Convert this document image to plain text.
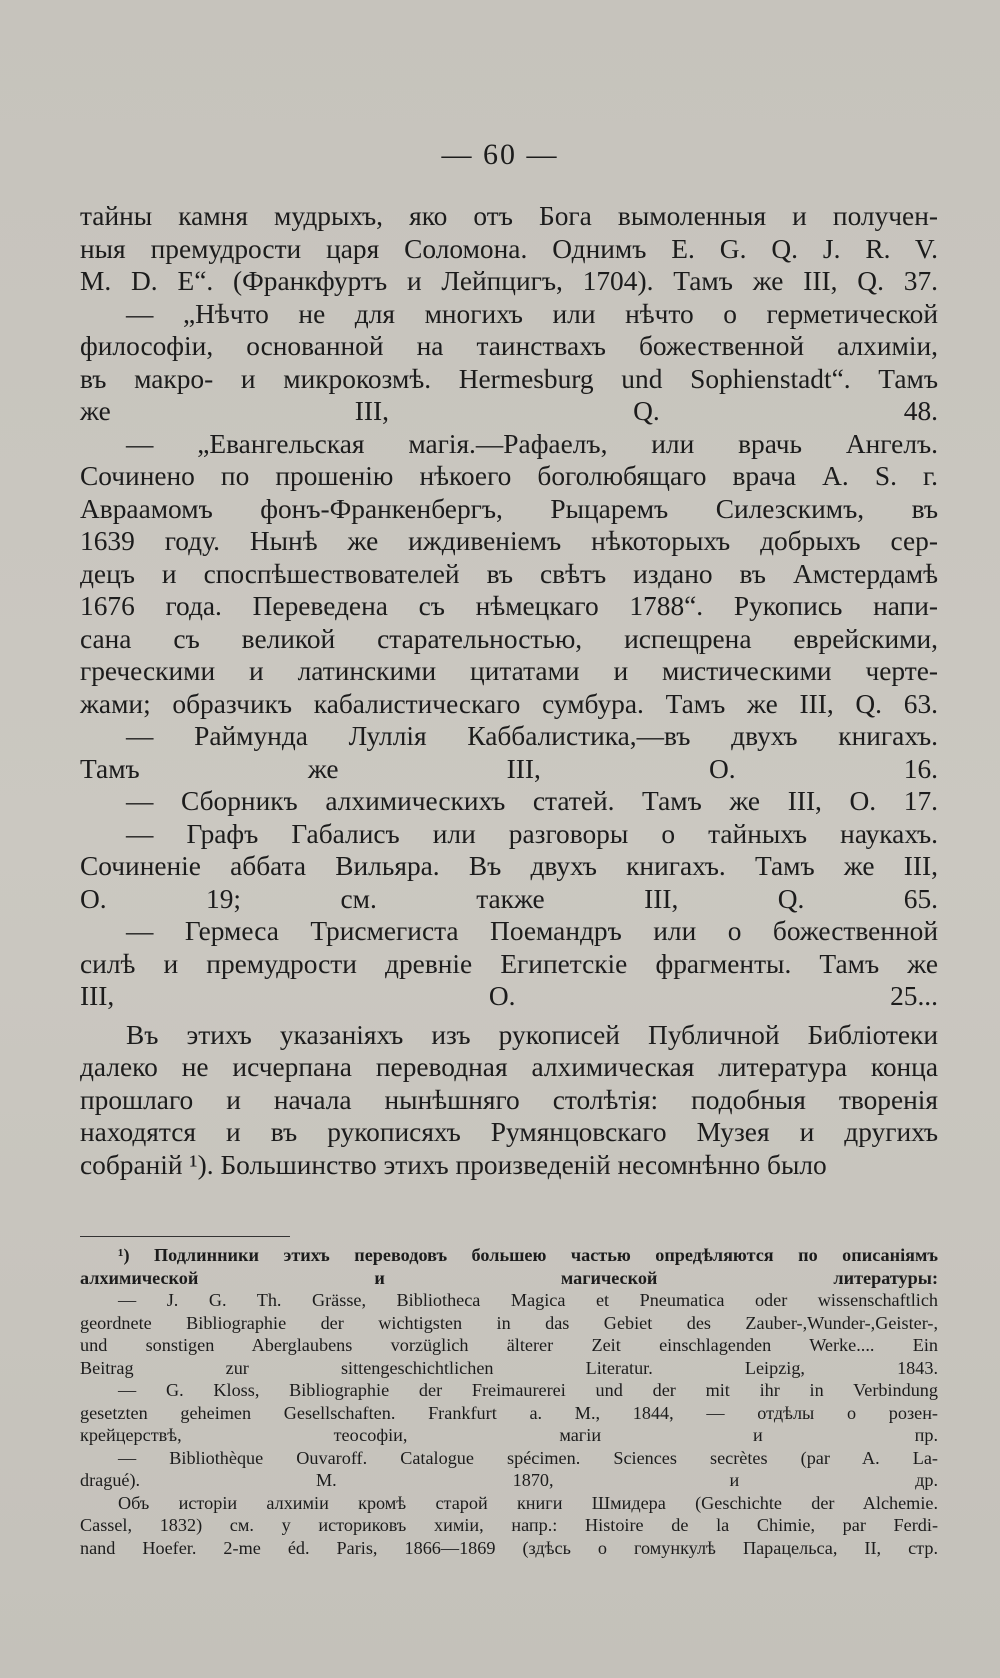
— 60 —
тайны камня мудрыхъ, яко отъ Бога вымоленныя и получен-
ныя премудрости царя Соломона. Однимъ E. G. Q. J. R. V.
M. D. E“. (Франкфуртъ и Лейпцигъ, 1704). Тамъ же III, Q. 37.
— „Нѣчто не для многихъ или нѣчто о герметической
философіи, основанной на таинствахъ божественной алхиміи,
въ макро- и микрокозмѣ. Hermesburg und Sophienstadt“. Тамъ
же III, Q. 48.
— „Евангельская магія.—Рафаелъ, или врачь Ангелъ.
Сочинено по прошенію нѣкоего боголюбящаго врача A. S. г.
Авраамомъ фонъ-Франкенбергъ, Рыцаремъ Силезскимъ, въ
1639 году. Нынѣ же иждивеніемъ нѣкоторыхъ добрыхъ сер-
децъ и споспѣшествователей въ свѣтъ издано въ Амстердамѣ
1676 года. Переведена съ нѣмецкаго 1788“. Рукопись напи-
сана съ великой старательностью, испещрена еврейскими,
греческими и латинскими цитатами и мистическими черте-
жами; образчикъ кабалистическаго сумбура. Тамъ же III, Q. 63.
— Раймунда Луллія Каббалистика,—въ двухъ книгахъ.
Тамъ же III, O. 16.
— Сборникъ алхимическихъ статей. Тамъ же III, O. 17.
— Графъ Габалисъ или разговоры о тайныхъ наукахъ.
Сочиненіе аббата Вильяра. Въ двухъ книгахъ. Тамъ же III,
O. 19; см. также III, Q. 65.
— Гермеса Трисмегиста Поемандръ или о божественной
силѣ и премудрости древніе Египетскіе фрагменты. Тамъ же
III, O. 25...
Въ этихъ указаніяхъ изъ рукописей Публичной Библіотеки
далеко не исчерпана переводная алхимическая литература конца
прошлаго и начала нынѣшняго столѣтія: подобныя творенія
находятся и въ рукописяхъ Румянцовскаго Музея и другихъ
собраній ¹). Большинство этихъ произведеній несомнѣнно было
¹) Подлинники этихъ переводовъ большею частью опредѣляются по описаніямъ
алхимической и магической литературы:
— J. G. Th. Grässe, Bibliotheca Magica et Pneumatica oder wissenschaftlich
geordnete Bibliographie der wichtigsten in das Gebiet des Zauber-,Wunder-,Geister-,
und sonstigen Aberglaubens vorzüglich älterer Zeit einschlagenden Werke.... Ein
Beitrag zur sittengeschichtlichen Literatur. Leipzig, 1843.
— G. Kloss, Bibliographie der Freimaurerei und der mit ihr in Verbindung
gesetzten geheimen Gesellschaften. Frankfurt a. M., 1844, — отдѣлы о розен-
крейцерствѣ, теософіи, магіи и пр.
— Bibliothèque Ouvaroff. Catalogue spécimen. Sciences secrètes (par A. La-
dragué). M. 1870, и др.
Объ исторіи алхиміи кромѣ старой книги Шмидера (Geschichte der Alchemie.
Cassel, 1832) см. у историковъ химіи, напр.: Histoire de la Chimie, par Ferdi-
nand Hoefer. 2-me éd. Paris, 1866—1869 (здѣсь о гомункулѣ Парацельса, II, стр.
